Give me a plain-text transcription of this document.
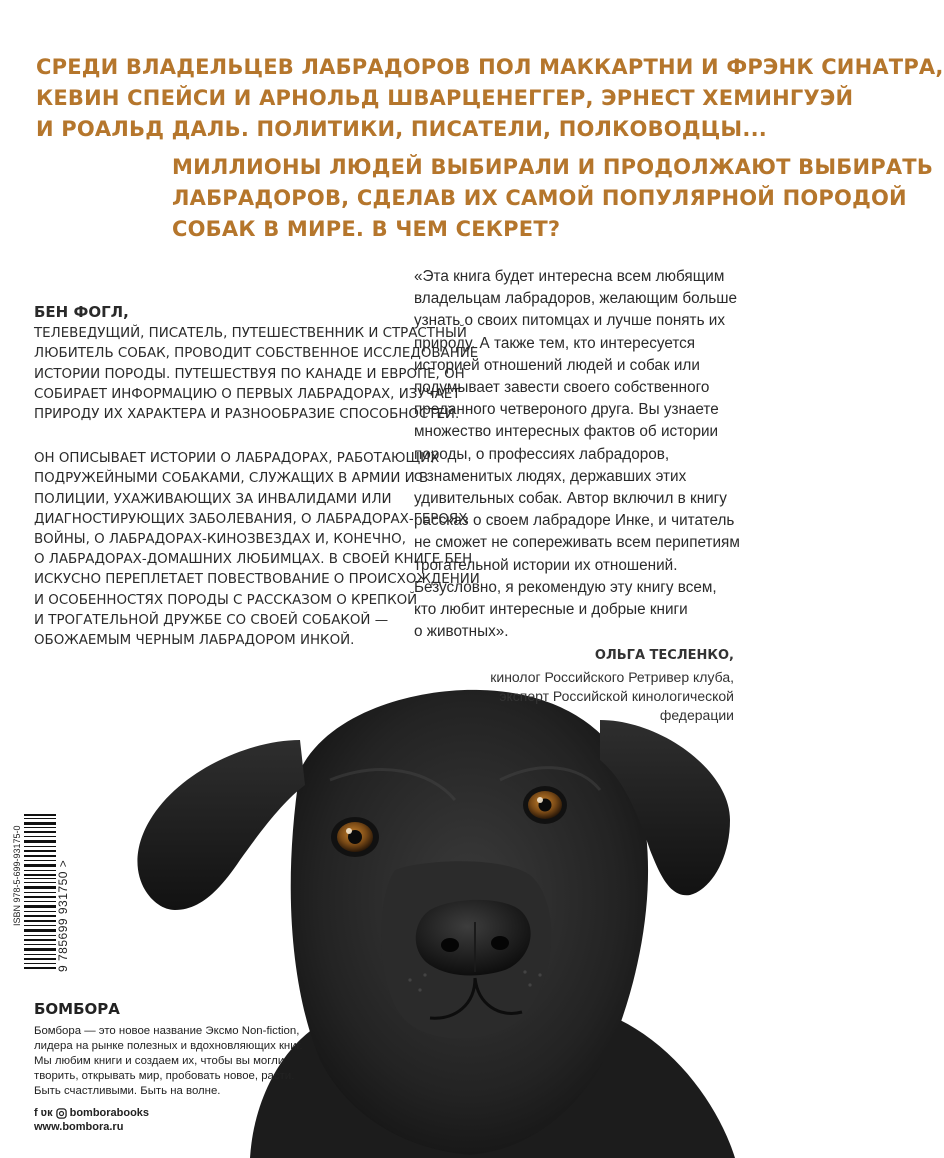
СРЕДИ ВЛАДЕЛЬЦЕВ ЛАБРАДОРОВ ПОЛ МАККАРТНИ И ФРЭНК СИНАТРА,
КЕВИН СПЕЙСИ И АРНОЛЬД ШВАРЦЕНЕГГЕР, ЭРНЕСТ ХЕМИНГУЭЙ
И РОАЛЬД ДАЛЬ. ПОЛИТИКИ, ПИСАТЕЛИ, ПОЛКОВОДЦЫ...
МИЛЛИОНЫ ЛЮДЕЙ ВЫБИРАЛИ И ПРОДОЛЖАЮТ ВЫБИРАТЬ
ЛАБРАДОРОВ, СДЕЛАВ ИХ САМОЙ ПОПУЛЯРНОЙ ПОРОДОЙ
СОБАК В МИРЕ. В ЧЕМ СЕКРЕТ?
ISBN 978-5-699-93175-0	9 785699 931750 >
БЕН ФОГЛ,
ТЕЛЕВЕДУЩИЙ, ПИСАТЕЛЬ, ПУТЕШЕСТВЕННИК И СТРАСТНЫЙ
ЛЮБИТЕЛЬ СОБАК, ПРОВОДИТ СОБСТВЕННОЕ ИССЛЕДОВАНИЕ
ИСТОРИИ ПОРОДЫ. ПУТЕШЕСТВУЯ ПО КАНАДЕ И ЕВРОПЕ, ОН
СОБИРАЕТ ИНФОРМАЦИЮ О ПЕРВЫХ ЛАБРАДОРАХ, ИЗУЧАЕТ
ПРИРОДУ ИХ ХАРАКТЕРА И РАЗНООБРАЗИЕ СПОСОБНОСТЕЙ.
ОН ОПИСЫВАЕТ ИСТОРИИ О ЛАБРАДОРАХ, РАБОТАЮЩИХ
ПОДРУЖЕЙНЫМИ СОБАКАМИ, СЛУЖАЩИХ В АРМИИ И В
ПОЛИЦИИ, УХАЖИВАЮЩИХ ЗА ИНВАЛИДАМИ ИЛИ
ДИАГНОСТИРУЮЩИХ ЗАБОЛЕВАНИЯ, О ЛАБРАДОРАХ-ГЕРОЯХ
ВОЙНЫ, О ЛАБРАДОРАХ-КИНОЗВЕЗДАХ И, КОНЕЧНО,
О ЛАБРАДОРАХ-ДОМАШНИХ ЛЮБИМЦАХ. В СВОЕЙ КНИГЕ БЕН
ИСКУСНО ПЕРЕПЛЕТАЕТ ПОВЕСТВОВАНИЕ О ПРОИСХОЖДЕНИИ
И ОСОБЕННОСТЯХ ПОРОДЫ С РАССКАЗОМ О КРЕПКОЙ
И ТРОГАТЕЛЬНОЙ ДРУЖБЕ СО СВОЕЙ СОБАКОЙ —
ОБОЖАЕМЫМ ЧЕРНЫМ ЛАБРАДОРОМ ИНКОЙ.
«Эта книга будет интересна всем любящим
владельцам лабрадоров, желающим больше
узнать о своих питомцах и лучше понять их
природу. А также тем, кто интересуется
историей отношений людей и собак или
подумывает завести своего собственного
преданного четвероного друга. Вы узнаете
множество интересных фактов об истории
породы, о профессиях лабрадоров,
о знаменитых людях, державших этих
удивительных собак. Автор включил в книгу
рассказ о своем лабрадоре Инке, и читатель
не сможет не сопереживать всем перипетиям
трогательной истории их отношений.
Безусловно, я рекомендую эту книгу всем,
кто любит интересные и добрые книги
о животных».
ОЛЬГА ТЕСЛЕНКО,
кинолог Российского Ретривер клуба,
эксперт Российской кинологической
федерации
БОМБОРА
Бомбора — это новое название Эксмо Non-fiction,
лидера на рынке полезных и вдохновляющих книг.
Мы любим книги и создаем их, чтобы вы могли
творить, открывать мир, пробовать новое, расти.
Быть счастливыми. Быть на волне.
f ʋк bomborabooks
www.bombora.ru
